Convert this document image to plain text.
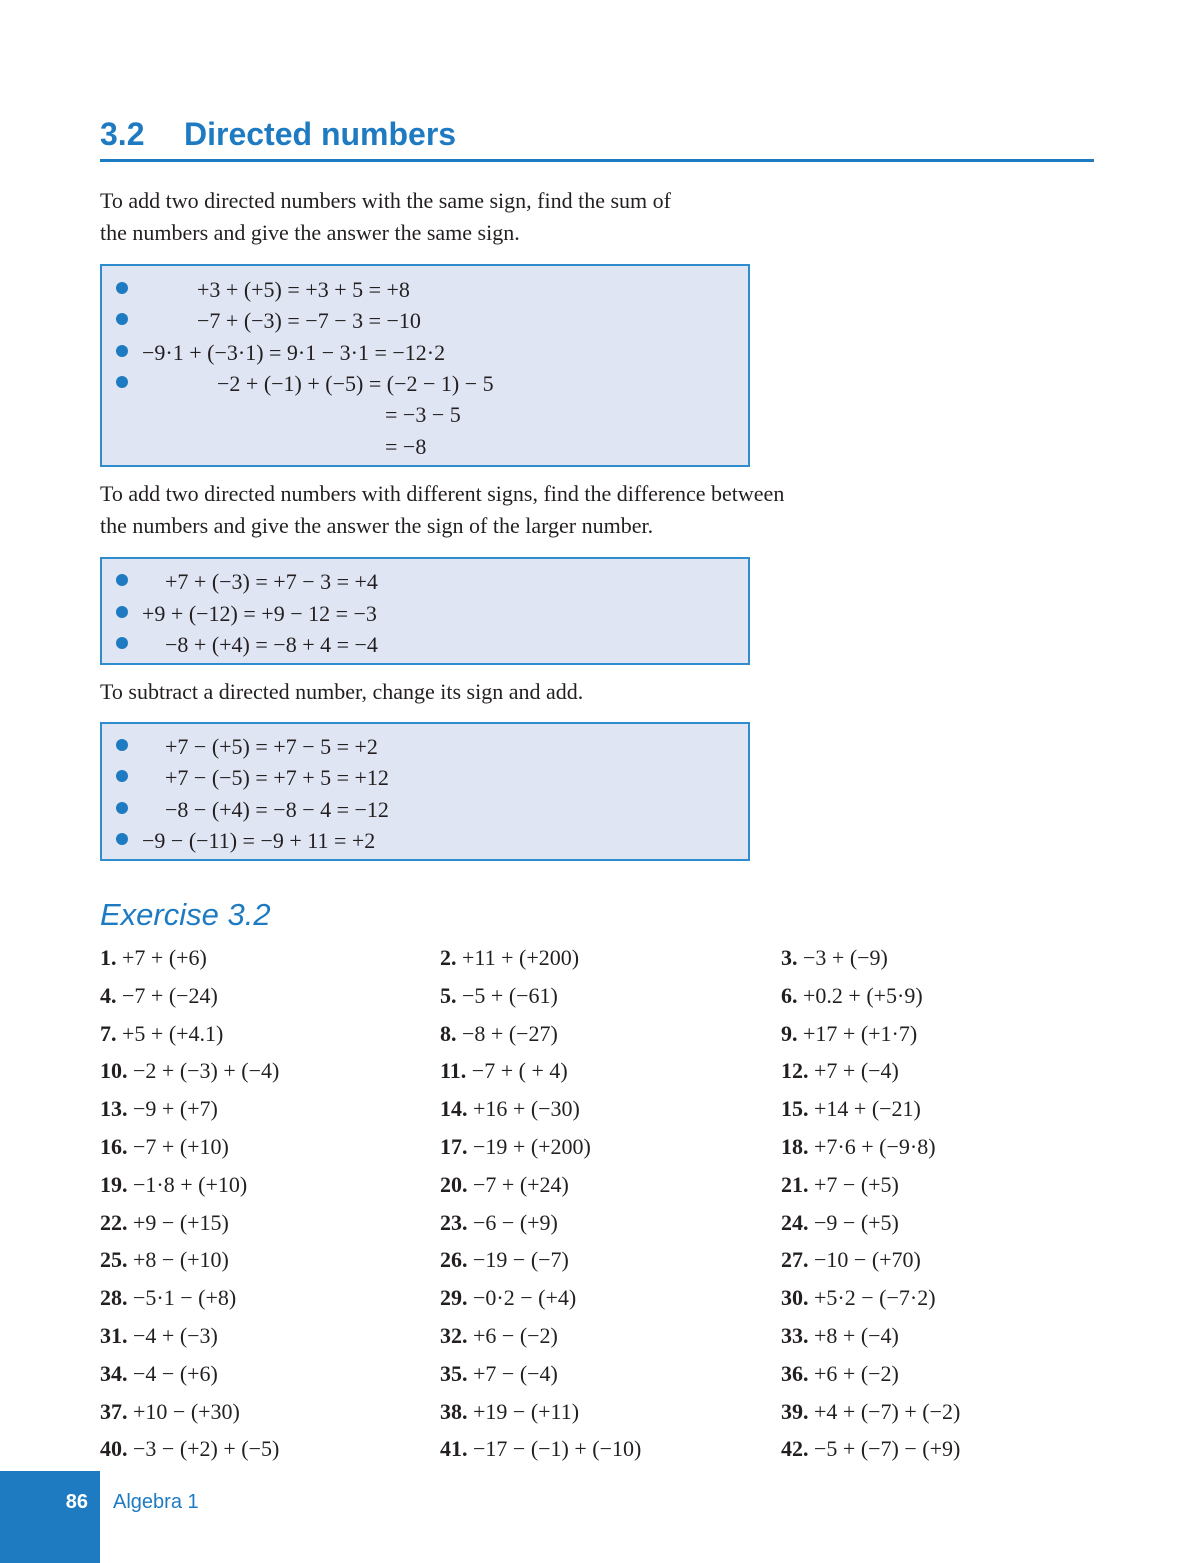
3.2 Directed numbers

To add two directed numbers with the same sign, find the sum of
the numbers and give the answer the same sign.

+3 + (+5) = +3 + 5 = +8
−7 + (−3) = −7 − 3 = −10
−9·1 + (−3·1) = 9·1 − 3·1 = −12·2
−2 + (−1) + (−5) = (−2 − 1) − 5
= −3 − 5
= −8

To add two directed numbers with different signs, find the difference between
the numbers and give the answer the sign of the larger number.

+7 + (−3) = +7 − 3 = +4
+9 + (−12) = +9 − 12 = −3
−8 + (+4) = −8 + 4 = −4

To subtract a directed number, change its sign and add.

+7 − (+5) = +7 − 5 = +2
+7 − (−5) = +7 + 5 = +12
−8 − (+4) = −8 − 4 = −12
−9 − (−11) = −9 + 11 = +2
Exercise 3.2
1. +7 + (+6)	2. +11 + (+200)	3. −3 + (−9)
4. −7 + (−24)	5. −5 + (−61)	6. +0.2 + (+5·9)
7. +5 + (+4.1)	8. −8 + (−27)	9. +17 + (+1·7)
10. −2 + (−3) + (−4)	11. −7 + ( + 4)	12. +7 + (−4)
13. −9 + (+7)	14. +16 + (−30)	15. +14 + (−21)
16. −7 + (+10)	17. −19 + (+200)	18. +7·6 + (−9·8)
19. −1·8 + (+10)	20. −7 + (+24)	21. +7 − (+5)
22. +9 − (+15)	23. −6 − (+9)	24. −9 − (+5)
25. +8 − (+10)	26. −19 − (−7)	27. −10 − (+70)
28. −5·1 − (+8)	29. −0·2 − (+4)	30. +5·2 − (−7·2)
31. −4 + (−3)	32. +6 − (−2)	33. +8 + (−4)
34. −4 − (+6)	35. +7 − (−4)	36. +6 + (−2)
37. +10 − (+30)	38. +19 − (+11)	39. +4 + (−7) + (−2)
40. −3 − (+2) + (−5)	41. −17 − (−1) + (−10)	42. −5 + (−7) − (+9)
86 Algebra 1
